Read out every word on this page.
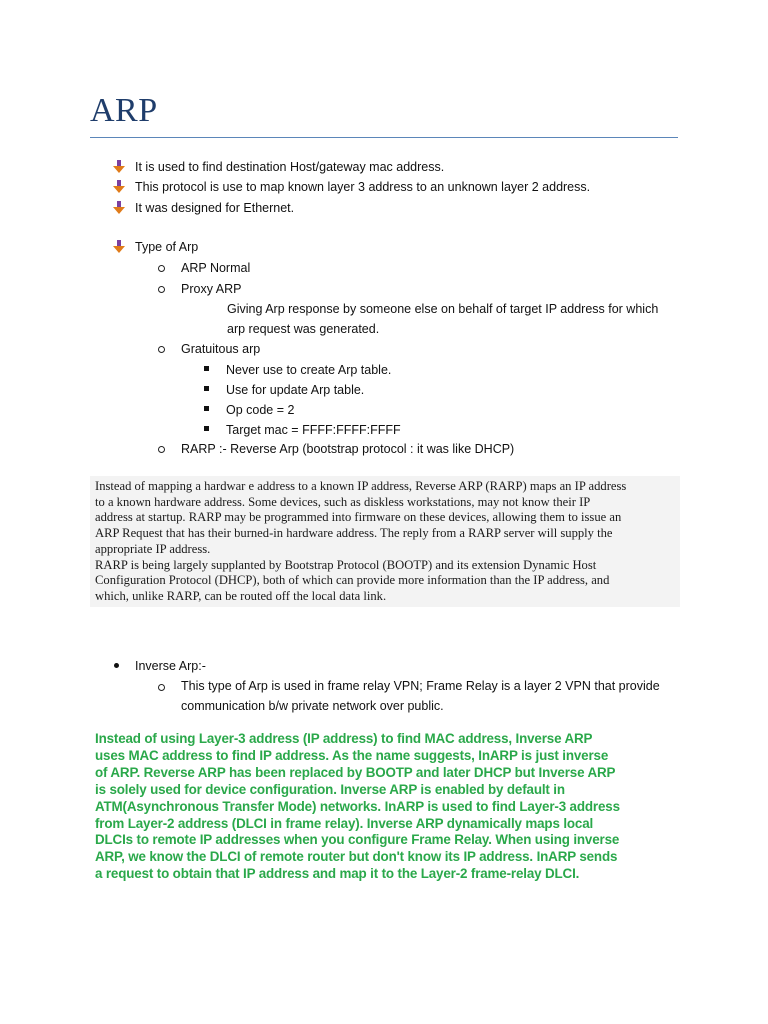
ARP
It is used to find destination Host/gateway mac address.
This protocol is use to map known layer 3 address to an unknown layer 2 address.
It was designed for Ethernet.
Type of Arp
ARP Normal
Proxy ARP
Giving Arp response by someone else on behalf of target IP address for which
arp request was generated.
Gratuitous arp
Never use to create Arp table.
Use for update Arp table.
Op code = 2
Target mac = FFFF:FFFF:FFFF
RARP :- Reverse Arp (bootstrap protocol : it was like DHCP)

Instead of mapping a hardwar e address to a known IP address, Reverse ARP (RARP) maps an IP address

to a known hardware address. Some devices, such as diskless workstations, may not know their IP

address at startup. RARP may be programmed into firmware on these devices, allowing them to issue an

ARP Request that has their burned-in hardware address. The reply from a RARP server will supply the

appropriate IP address.

RARP is being largely supplanted by Bootstrap Protocol (BOOTP) and its extension Dynamic Host

Configuration Protocol (DHCP), both of which can provide more information than the IP address, and

which, unlike RARP, can be routed off the local data link.

Inverse Arp:-
This type of Arp is used in frame relay VPN; Frame Relay is a layer 2 VPN that provide
communication b/w private network over public.

Instead of using Layer-3 address (IP address) to find MAC address, Inverse ARP

uses MAC address to find IP address. As the name suggests, InARP is just inverse

of ARP. Reverse ARP has been replaced by BOOTP and later DHCP but Inverse ARP

is solely used for device configuration. Inverse ARP is enabled by default in

ATM(Asynchronous Transfer Mode) networks. InARP is used to find Layer-3 address

from Layer-2 address (DLCI in frame relay). Inverse ARP dynamically maps local

DLCIs to remote IP addresses when you configure Frame Relay. When using inverse

ARP, we know the DLCI of remote router but don't know its IP address. InARP sends

a request to obtain that IP address and map it to the Layer-2 frame-relay DLCI.
